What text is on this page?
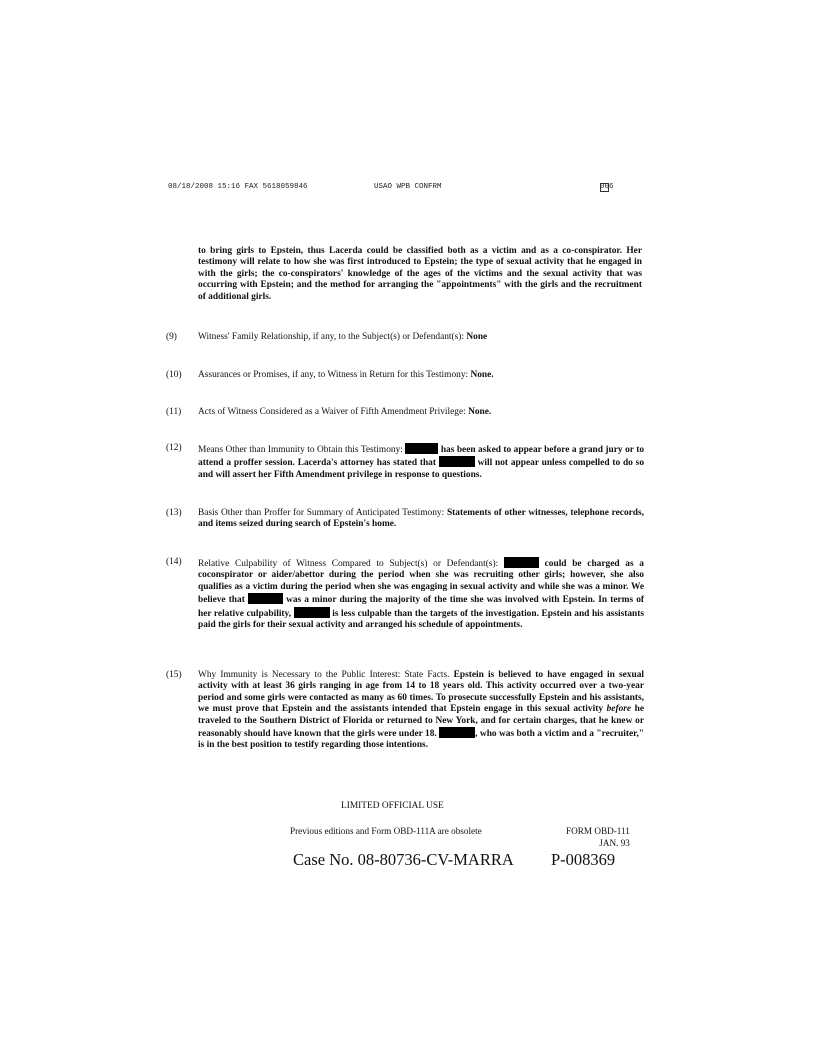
08/18/2008 15:16 FAX 5618059846	USAO WPB CONFRM	006

to bring girls to Epstein, thus Lacerda could be classified both as a victim and as a co-conspirator. Her testimony will relate to how she was first introduced to Epstein; the type of sexual activity that he engaged in with the girls; the co-conspirators' knowledge of the ages of the victims and the sexual activity that was occurring with Epstein; and the method for arranging the "appointments" with the girls and the recruitment of additional girls.

(9)	Witness' Family Relationship, if any, to the Subject(s) or Defendant(s): None
(10)	Assurances or Promises, if any, to Witness in Return for this Testimony: None.
(11)	Acts of Witness Considered as a Waiver of Fifth Amendment Privilege: None.
(12)	Means Other than Immunity to Obtain this Testimony:	has been asked to appear before a grand jury or to attend a proffer session. Lacerda's attorney has stated that	will not appear unless compelled to do so and will assert her Fifth Amendment privilege in response to questions.
(13)	Basis Other than Proffer for Summary of Anticipated Testimony: Statements of other witnesses, telephone records, and items seized during search of Epstein's home.
(14)	Relative Culpability of Witness Compared to Subject(s) or Defendant(s):	could be charged as a coconspirator or aider/abettor during the period when she was recruiting other girls; however, she also qualifies as a victim during the period when she was engaging in sexual activity and while she was a minor. We believe that	was a minor during the majority of the time she was involved with Epstein. In terms of her relative culpability,	is less culpable than the targets of the investigation. Epstein and his assistants paid the girls for their sexual activity and arranged his schedule of appointments.
(15)	Why Immunity is Necessary to the Public Interest: State Facts. Epstein is believed to have engaged in sexual activity with at least 36 girls ranging in age from 14 to 18 years old. This activity occurred over a two-year period and some girls were contacted as many as 60 times. To prosecute successfully Epstein and his assistants, we must prove that Epstein and the assistants intended that Epstein engage in this sexual activity before he traveled to the Southern District of Florida or returned to New York, and for certain charges, that he knew or reasonably should have known that the girls were under 18.	, who was both a victim and a "recruiter," is in the best position to testify regarding those intentions.
LIMITED OFFICIAL USE
Previous editions and Form OBD-111A are obsolete	FORM OBD-111
JAN. 93
Case No. 08-80736-CV-MARRA P-008369
